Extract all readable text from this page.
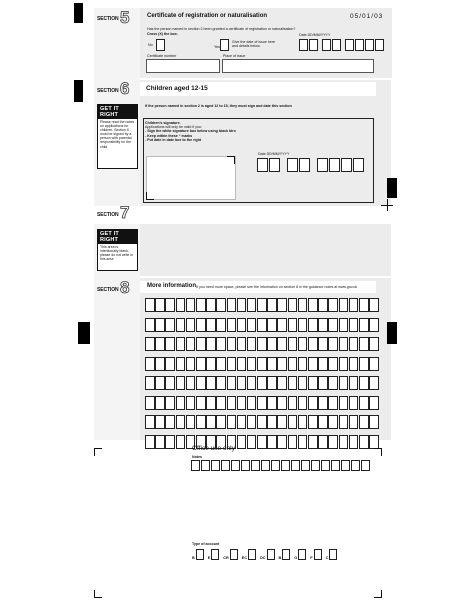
SECTION 5	Certificate of registration or naturalisation	05/01/03
Has the person named in section 2 been granted a certificate of registration or naturalisation?
Cross (X) the box.
No	Yes
Give the date of issue here
and details below.
Date DD/MM/YYYY
Certificate number	Place of issue
SECTION 6	Children aged 12-15
If the person named in section 2 is aged 12 to 15, they must sign and date this section
GET IT RIGHT
Please read the notes
on applications for
children. Section 6
must be signed by a
person with parental
responsibility for the
child.
Children's signature.
Applications will only be valid if you:
- Sign the white signature box below using black biro
- Keep within these “ marks
- Put date in date box to the right
Date DD/MM/YYYY
SECTION 7
GET IT RIGHT
This area is
intentionally blank,
please do not write in
this area
SECTION 8	More information If you need more space, please see the information on section 8 in the guidance notes at www.gov.uk
Office use only
Notes
Type of account
B	E	CR	EC	DC	B	O	F	C
